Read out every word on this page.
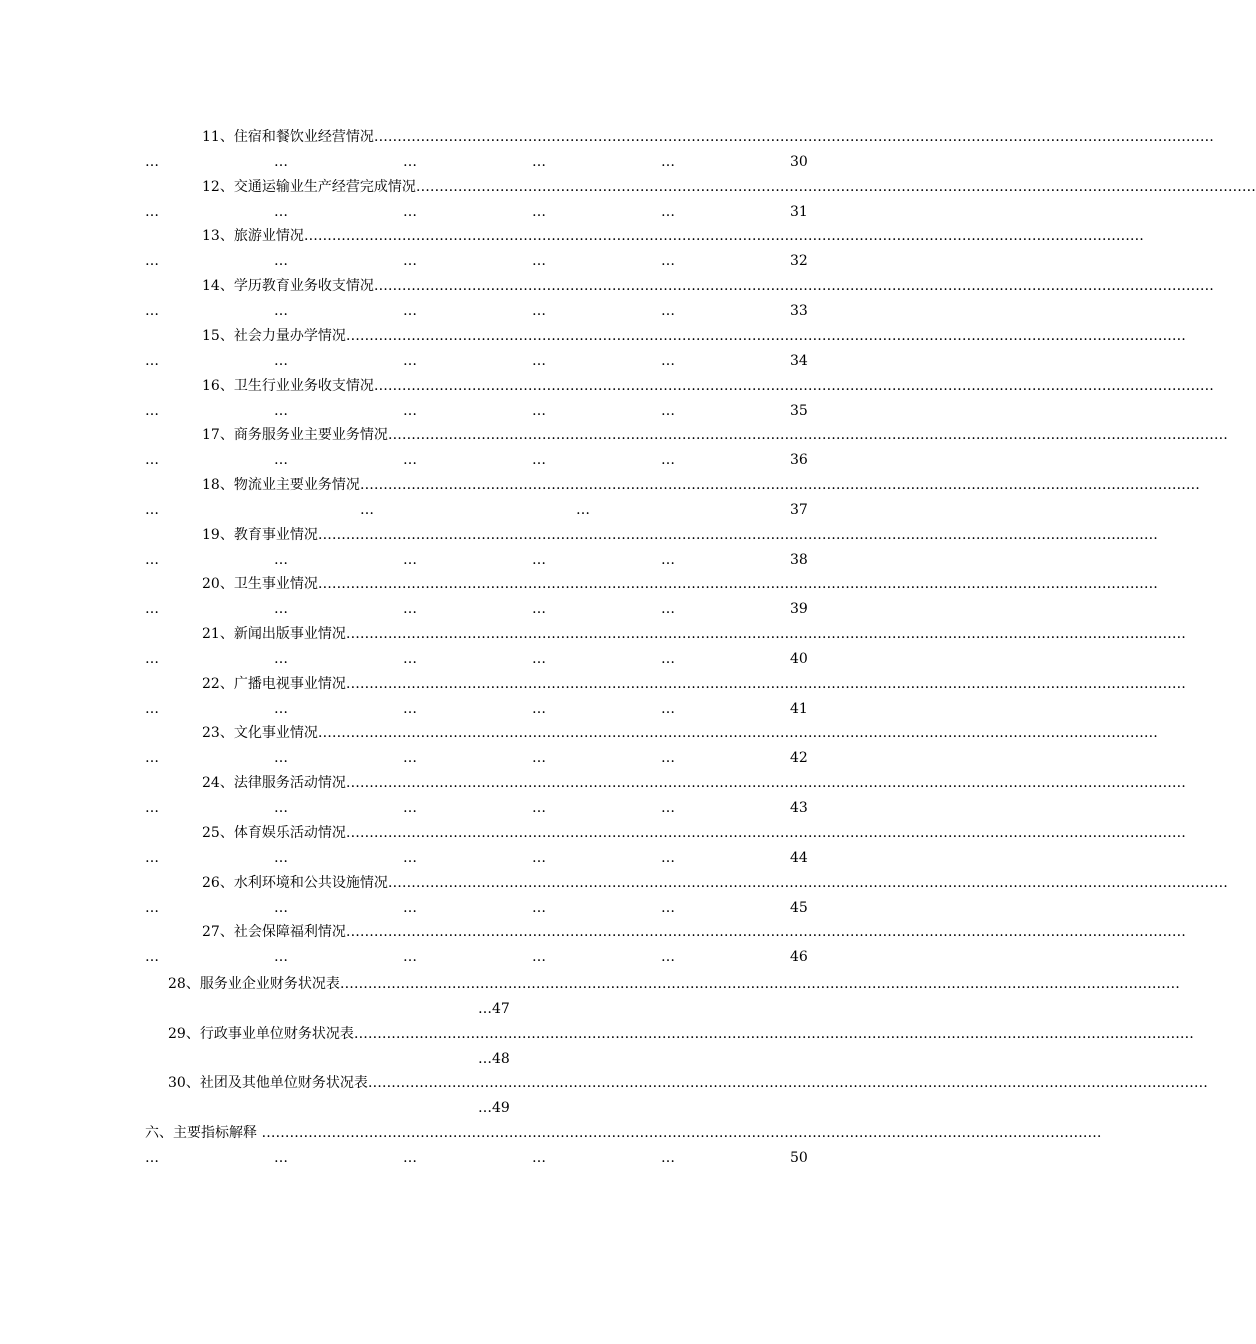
11、住宿和餐饮业经营情况………………………………………………………………………………………………………………………………………………………………
…	…	…	…	…	30
12、交通运输业生产经营完成情况………………………………………………………………………………………………………………………………………………………………
…	…	…	…	…	31
13、旅游业情况………………………………………………………………………………………………………………………………………………………………
…	…	…	…	…	32
14、学历教育业务收支情况………………………………………………………………………………………………………………………………………………………………
…	…	…	…	…	33
15、社会力量办学情况………………………………………………………………………………………………………………………………………………………………
…	…	…	…	…	34
16、卫生行业业务收支情况………………………………………………………………………………………………………………………………………………………………
…	…	…	…	…	35
17、商务服务业主要业务情况………………………………………………………………………………………………………………………………………………………………
…	…	…	…	…	36
18、物流业主要业务情况………………………………………………………………………………………………………………………………………………………………
…	…	…	37
19、教育事业情况………………………………………………………………………………………………………………………………………………………………
…	…	…	…	…	38
20、卫生事业情况………………………………………………………………………………………………………………………………………………………………
…	…	…	…	…	39
21、新闻出版事业情况………………………………………………………………………………………………………………………………………………………………
…	…	…	…	…	40
22、广播电视事业情况………………………………………………………………………………………………………………………………………………………………
…	…	…	…	…	41
23、文化事业情况………………………………………………………………………………………………………………………………………………………………
…	…	…	…	…	42
24、法律服务活动情况………………………………………………………………………………………………………………………………………………………………
…	…	…	…	…	43
25、体育娱乐活动情况………………………………………………………………………………………………………………………………………………………………
…	…	…	…	…	44
26、水利环境和公共设施情况………………………………………………………………………………………………………………………………………………………………
…	…	…	…	…	45
27、社会保障福利情况………………………………………………………………………………………………………………………………………………………………
…	…	…	…	…	46
28、服务业企业财务状况表………………………………………………………………………………………………………………………………………………………………
…47
29、行政事业单位财务状况表………………………………………………………………………………………………………………………………………………………………
…48
30、社团及其他单位财务状况表………………………………………………………………………………………………………………………………………………………………
…49
六、主要指标解释 ………………………………………………………………………………………………………………………………………………………………
…	…	…	…	…	50
